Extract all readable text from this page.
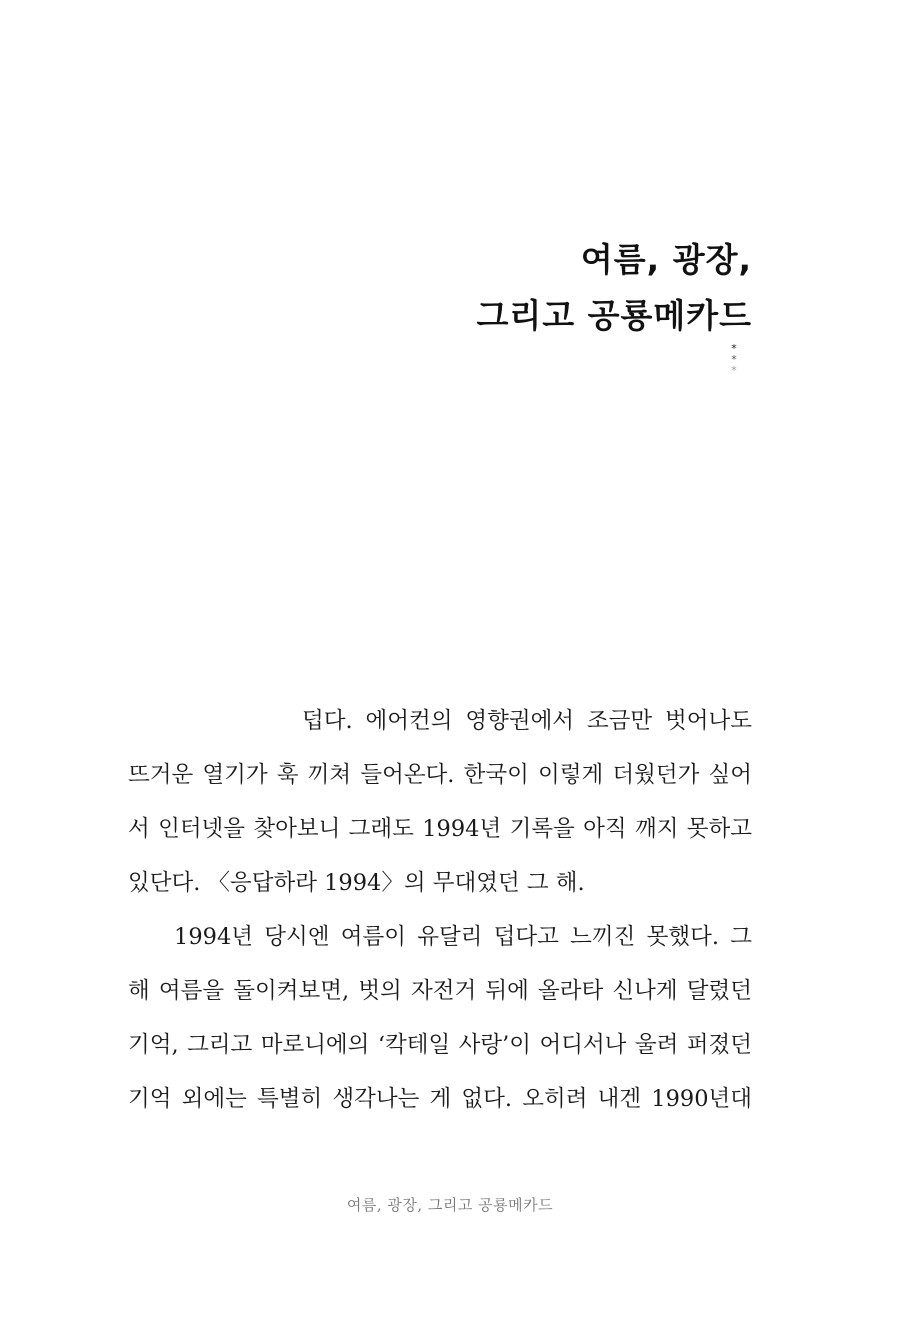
여름, 광장,
그리고 공룡메카드
*
*
*
덥다. 에어컨의 영향권에서 조금만 벗어나도
뜨거운 열기가 훅 끼쳐 들어온다. 한국이 이렇게 더웠던가 싶어
서 인터넷을 찾아보니 그래도 1994년 기록을 아직 깨지 못하고
있단다. 〈응답하라 1994〉의 무대였던 그 해.
1994년 당시엔 여름이 유달리 덥다고 느끼진 못했다. 그
해 여름을 돌이켜보면, 벗의 자전거 뒤에 올라타 신나게 달렸던
기억, 그리고 마로니에의 ‘칵테일 사랑’이 어디서나 울려 퍼졌던
기억 외에는 특별히 생각나는 게 없다. 오히려 내겐 1990년대
여름, 광장, 그리고 공룡메카드
